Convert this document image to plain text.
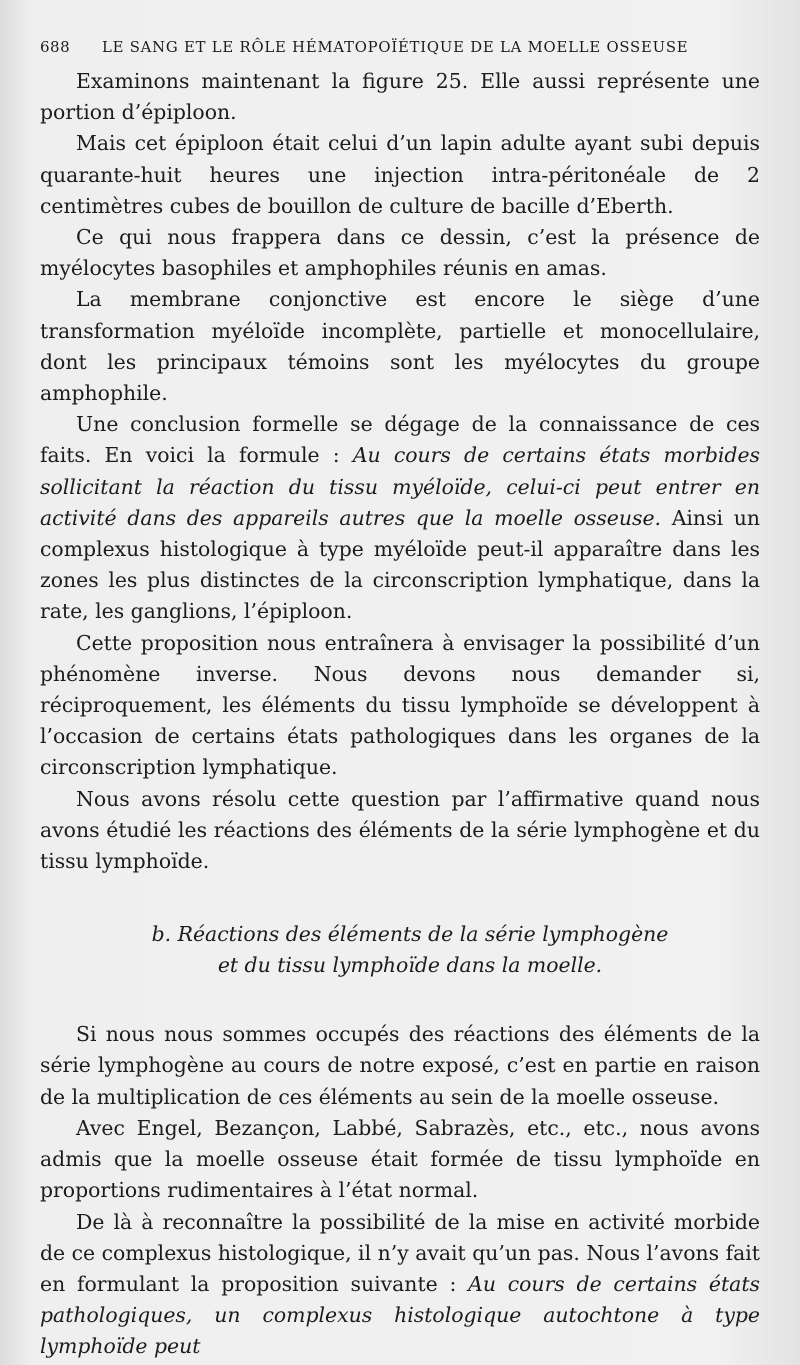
688	LE SANG ET LE RÔLE HÉMATOPOÏÉTIQUE DE LA MOELLE OSSEUSE

Examinons maintenant la figure 25. Elle aussi représente une portion d’épiploon.

Mais cet épiploon était celui d’un lapin adulte ayant subi depuis quarante-huit heures une injection intra-péritonéale de 2 centimètres cubes de bouillon de culture de bacille d’Eberth.

Ce qui nous frappera dans ce dessin, c’est la présence de myélocytes basophiles et amphophiles réunis en amas.

La membrane conjonctive est encore le siège d’une transformation myéloïde incomplète, partielle et monocellulaire, dont les principaux témoins sont les myélocytes du groupe amphophile.

Une conclusion formelle se dégage de la connaissance de ces faits. En voici la formule : Au cours de certains états morbides sollicitant la réaction du tissu myéloïde, celui-ci peut entrer en activité dans des appareils autres que la moelle osseuse. Ainsi un complexus histologique à type myéloïde peut-il apparaître dans les zones les plus distinctes de la circonscription lymphatique, dans la rate, les ganglions, l’épiploon.

Cette proposition nous entraînera à envisager la possibilité d’un phénomène inverse. Nous devons nous demander si, réciproquement, les éléments du tissu lymphoïde se développent à l’occasion de certains états pathologiques dans les organes de la circonscription lymphatique.

Nous avons résolu cette question par l’affirmative quand nous avons étudié les réactions des éléments de la série lymphogène et du tissu lymphoïde.

b. Réactions des éléments de la série lymphogène
et du tissu lymphoïde dans la moelle.

Si nous nous sommes occupés des réactions des éléments de la série lymphogène au cours de notre exposé, c’est en partie en raison de la multiplication de ces éléments au sein de la moelle osseuse.

Avec Engel, Bezançon, Labbé, Sabrazès, etc., etc., nous avons admis que la moelle osseuse était formée de tissu lymphoïde en proportions rudimentaires à l’état normal.

De là à reconnaître la possibilité de la mise en activité morbide de ce complexus histologique, il n’y avait qu’un pas. Nous l’avons fait en formulant la proposition suivante : Au cours de certains états pathologiques, un complexus histologique autochtone à type lymphoïde peut
